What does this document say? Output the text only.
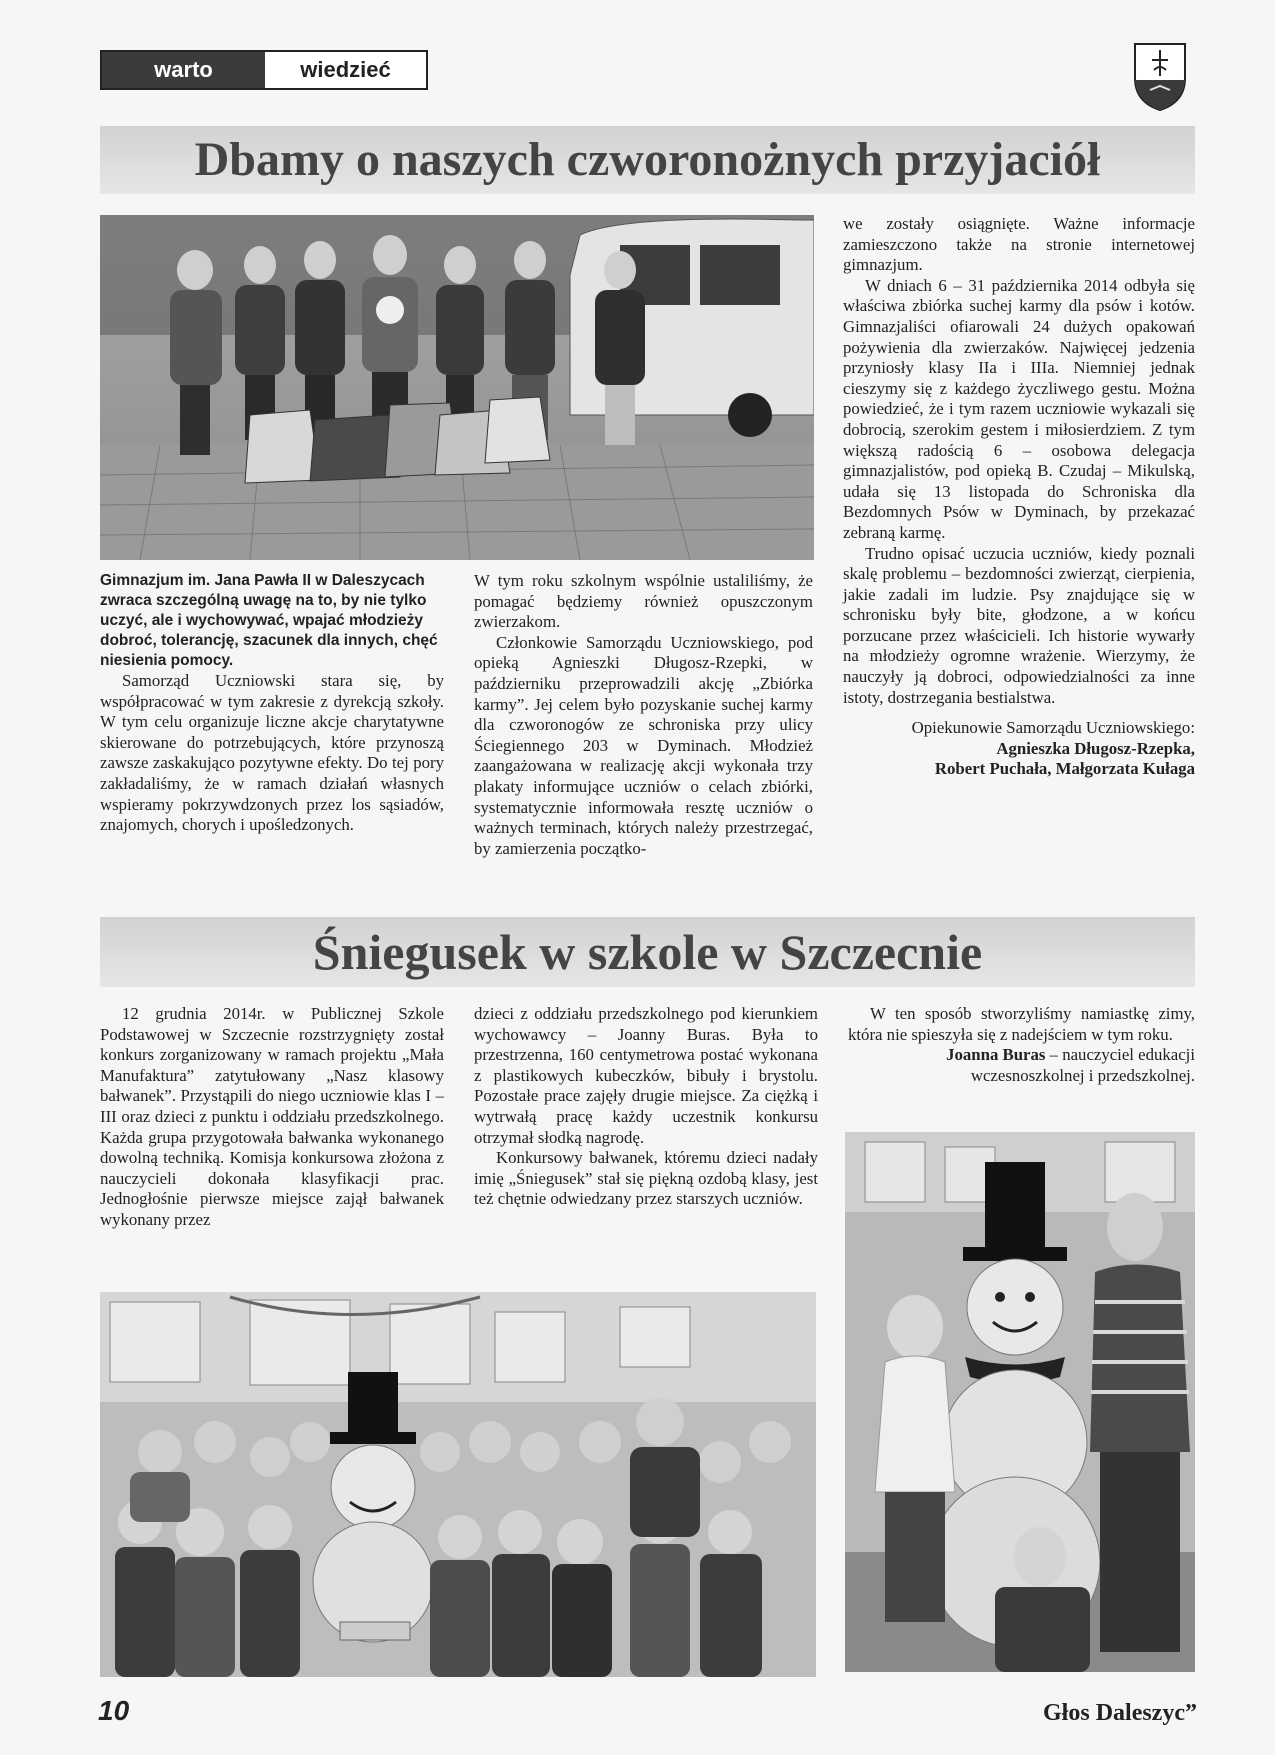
warto	wiedzieć
Dbamy o naszych czworonożnych przyjaciół

Gimnazjum im. Jana Pawła II w Daleszycach zwraca szczególną uwagę na to, by nie tylko uczyć, ale i wychowywać, wpajać młodzieży dobroć, tolerancję, szacunek dla innych, chęć niesienia pomocy.

Samorząd Uczniowski stara się, by współpracować w tym zakresie z dyrekcją szkoły. W tym celu organizuje liczne akcje charytatywne skierowane do potrzebujących, które przynoszą zawsze zaskakująco pozytywne efekty. Do tej pory zakładaliśmy, że w ramach działań własnych wspieramy pokrzywdzonych przez los sąsiadów, znajomych, chorych i upośledzonych.

W tym roku szkolnym wspólnie ustaliliśmy, że pomagać będziemy również opuszczonym zwierzakom.

Członkowie Samorządu Uczniowskiego, pod opieką Agnieszki Długosz-Rzepki, w październiku przeprowadzili akcję „Zbiórka karmy”. Jej celem było pozyskanie suchej karmy dla czworonogów ze schroniska przy ulicy Ściegiennego 203 w Dyminach. Młodzież zaangażowana w realizację akcji wykonała trzy plakaty informujące uczniów o celach zbiórki, systematycznie informowała resztę uczniów o ważnych terminach, których należy przestrzegać, by zamierzenia początko-

we zostały osiągnięte. Ważne informacje zamieszczono także na stronie internetowej gimnazjum.

W dniach 6 – 31 października 2014 odbyła się właściwa zbiórka suchej karmy dla psów i kotów. Gimnazjaliści ofiarowali 24 dużych opakowań pożywienia dla zwierzaków. Najwięcej jedzenia przyniosły klasy IIa i IIIa. Niemniej jednak cieszymy się z każdego życzliwego gestu. Można powiedzieć, że i tym razem uczniowie wykazali się dobrocią, szerokim gestem i miłosierdziem. Z tym większą radością 6 – osobowa delegacja gimnazjalistów, pod opieką B. Czudaj – Mikulską, udała się 13 listopada do Schroniska dla Bezdomnych Psów w Dyminach, by przekazać zebraną karmę.

Trudno opisać uczucia uczniów, kiedy poznali skalę problemu – bezdomności zwierząt, cierpienia, jakie zadali im ludzie. Psy znajdujące się w schronisku były bite, głodzone, a w końcu porzucane przez właścicieli. Ich historie wywarły na młodzieży ogromne wrażenie. Wierzymy, że nauczyły ją dobroci, odpowiedzialności za inne istoty, dostrzegania bestialstwa.

Opiekunowie Samorządu Uczniowskiego: Agnieszka Długosz-Rzepka,
Robert Puchała, Małgorzata Kułaga
Śniegusek w szkole w Szczecnie

12 grudnia 2014r. w Publicznej Szkole Podstawowej w Szczecnie rozstrzygnięty został konkurs zorganizowany w ramach projektu „Mała Manufaktura” zatytułowany „Nasz klasowy bałwanek”. Przystąpili do niego uczniowie klas I – III oraz dzieci z punktu i oddziału przedszkolnego. Każda grupa przygotowała bałwanka wykonanego dowolną techniką. Komisja konkursowa złożona z nauczycieli dokonała klasyfikacji prac. Jednogłośnie pierwsze miejsce zajął bałwanek wykonany przez

dzieci z oddziału przedszkolnego pod kierunkiem wychowawcy – Joanny Buras. Była to przestrzenna, 160 centymetrowa postać wykonana z plastikowych kubeczków, bibuły i brystolu. Pozostałe prace zajęły drugie miejsce. Za ciężką i wytrwałą pracę każdy uczestnik konkursu otrzymał słodką nagrodę.

Konkursowy bałwanek, któremu dzieci nadały imię „Śniegusek” stał się piękną ozdobą klasy, jest też chętnie odwiedzany przez starszych uczniów.

W ten sposób stworzyliśmy namiastkę zimy, która nie spieszyła się z nadejściem w tym roku.

Joanna Buras – nauczyciel edukacji wczesnoszkolnej i przedszkolnej.

10	Głos Daleszyc”
